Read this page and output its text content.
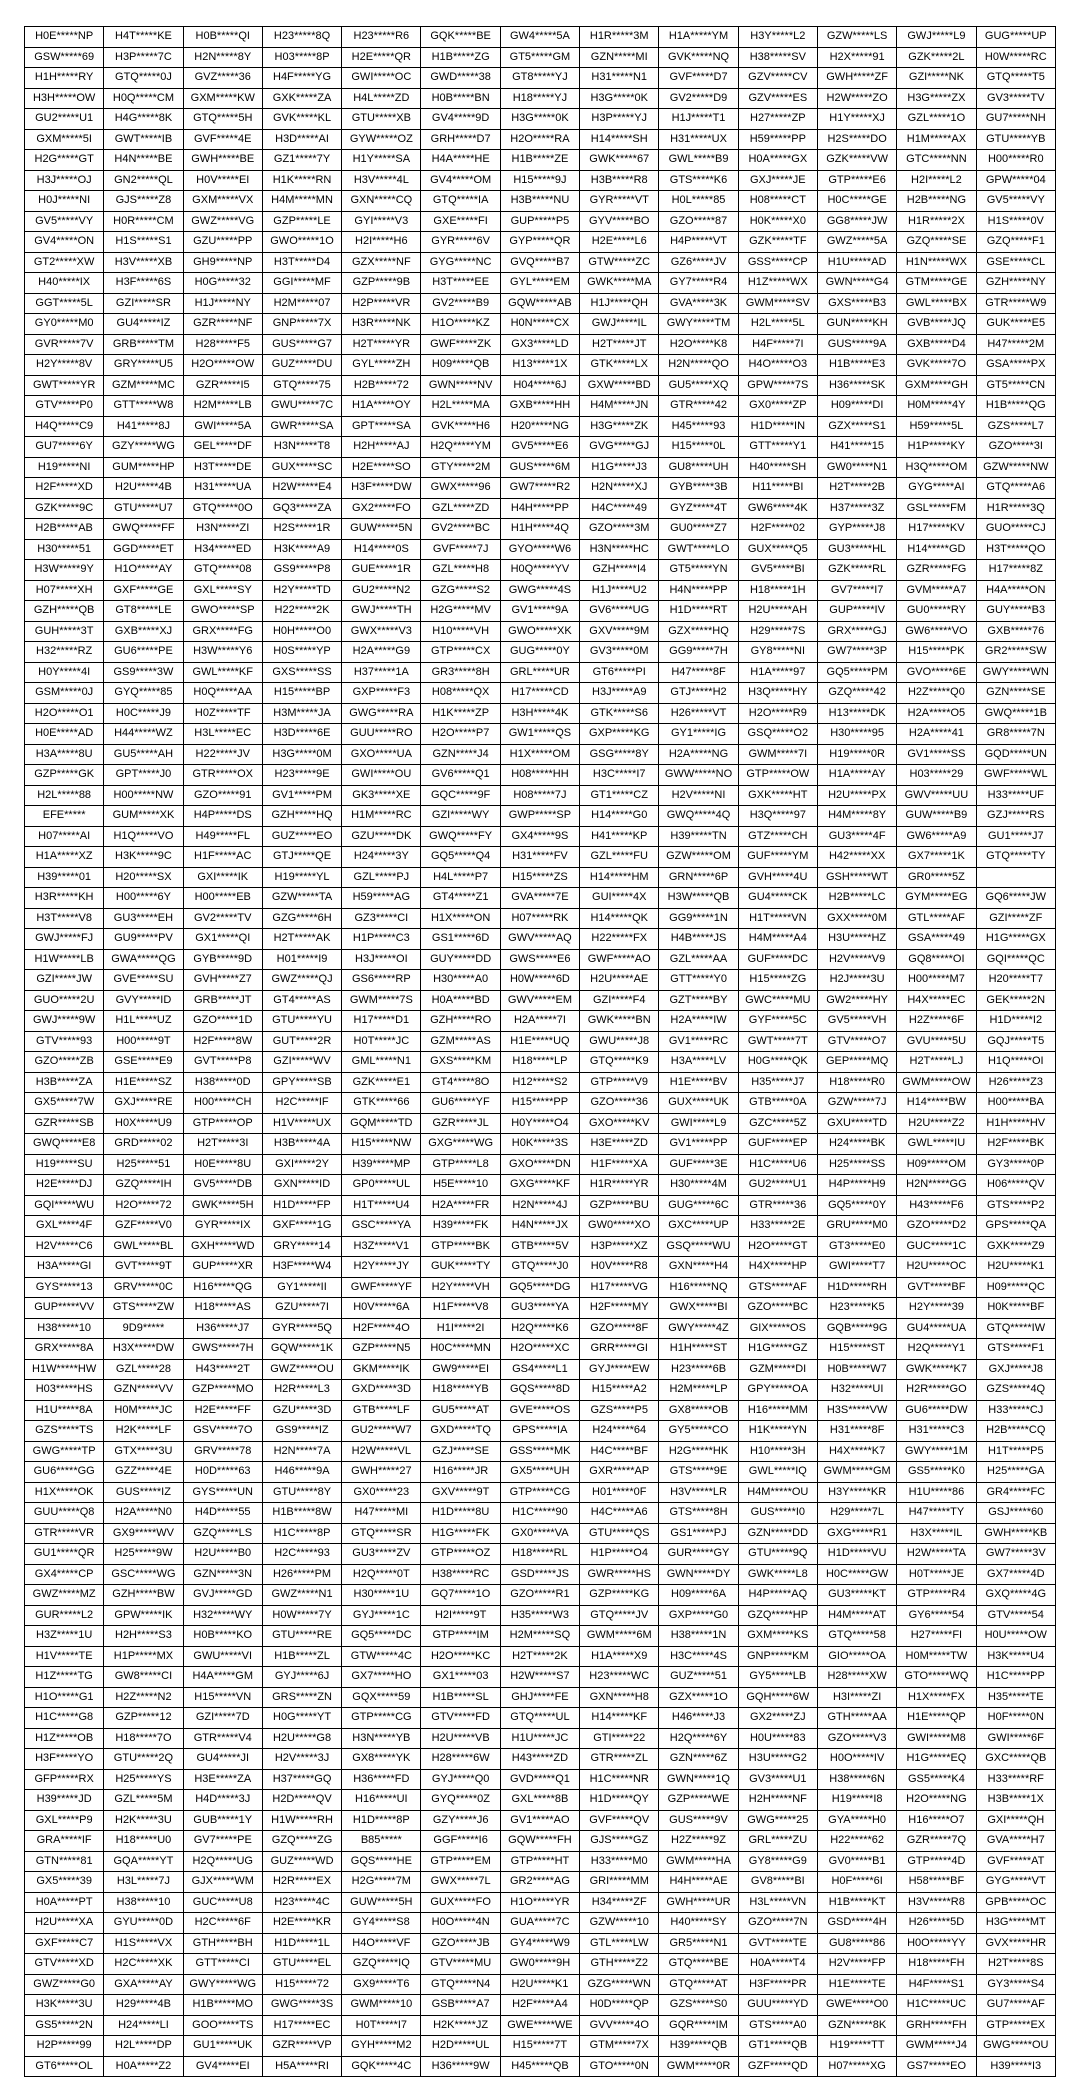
H0E*****NP	H4T*****KE	H0B*****QI	H23*****8Q	H23*****R6	GQK*****BE	GW4*****5A	H1R*****3M	H1A*****YM	H3Y*****L2	GZW*****LS	GWJ*****L9	GUG*****UP
GSW*****69	H3P*****7C	H2N*****8Y	H03*****8P	H2E*****QR	H1B*****ZG	GT5*****GM	GZN*****MI	GVK*****NQ	H38*****SV	H2X*****91	GZK*****2L	H0W*****RC
H1H*****RY	GTQ*****0J	GVZ*****36	H4F*****YG	GWI*****OC	GWD*****38	GT8*****YJ	H31*****N1	GVF*****D7	GZV*****CV	GWH*****ZF	GZI*****NK	GTQ*****T5
H3H*****OW	H0Q*****CM	GXM*****KW	GXK*****ZA	H4L*****ZD	H0B*****BN	H18*****YJ	H3G*****0K	GV2*****D9	GZV*****ES	H2W*****ZO	H3G*****ZX	GV3*****TV
GU2*****U1	H4G*****8K	GTQ*****5H	GVK*****KL	GTU*****XB	GV4*****9D	H3G*****0K	H3P*****YJ	H1J*****T1	H27*****ZP	H1Y*****XJ	GZL*****1O	GU7*****NH
GXM*****5I	GWT*****IB	GVF*****4E	H3D*****AI	GYW*****OZ	GRH*****D7	H2O*****RA	H14*****SH	H31*****UX	H59*****PP	H2S*****DO	H1M*****AX	GTU*****YB
H2G*****GT	H4N*****BE	GWH*****BE	GZ1*****7Y	H1Y*****SA	H4A*****HE	H1B*****ZE	GWK*****67	GWL*****B9	H0A*****GX	GZK*****VW	GTC*****NN	H00*****R0
H3J*****OJ	GN2*****QL	H0V*****EI	H1K*****RN	H3V*****4L	GV4*****OM	H15*****9J	H3B*****R8	GTS*****K6	GXJ*****JE	GTP*****E6	H2I*****L2	GPW*****04
H0J*****NI	GJS*****Z8	GXM*****VX	H4M*****MN	GXN*****CQ	GTQ*****IA	H3B*****NU	GYR*****VT	H0L*****85	H08*****CT	H0C*****GE	H2B*****NG	GV5*****VY
GV5*****VY	H0R*****CM	GWZ*****VG	GZP*****LE	GYI*****V3	GXE*****FI	GUP*****P5	GYV*****BO	GZO*****87	H0K*****X0	GG8*****JW	H1R*****2X	H1S*****0V
GV4*****ON	H1S*****S1	GZU*****PP	GWO*****1O	H2I*****H6	GYR*****6V	GYP*****QR	H2E*****L6	H4P*****VT	GZK*****TF	GWZ*****5A	GZQ*****SE	GZQ*****F1
GT2*****XW	H3V*****XB	GH9*****NP	H3T*****D4	GZX*****NF	GYG*****NC	GVQ*****B7	GTW*****ZC	GZ6*****JV	GSS*****CP	H1U*****AD	H1N*****WX	GSE*****CL
H40*****IX	H3F*****6S	H0G*****32	GGI*****MF	GZP*****9B	H3T*****EE	GYL*****EM	GWK*****MA	GY7*****R4	H1Z*****WX	GWN*****G4	GTM*****GE	GZH*****NY
GGT*****5L	GZI*****SR	H1J*****NY	H2M*****07	H2P*****VR	GV2*****B9	GQW*****AB	H1J*****QH	GVA*****3K	GWM*****SV	GXS*****B3	GWL*****BX	GTR*****W9
GY0*****M0	GU4*****IZ	GZR*****NF	GNP*****7X	H3R*****NK	H1O*****KZ	H0N*****CX	GWJ*****IL	GWY*****TM	H2L*****5L	GUN*****KH	GVB*****JQ	GUK*****E5
GVR*****7V	GRB*****TM	H28*****F5	GUS*****G7	H2T*****YR	GWF*****ZK	GX3*****LD	H2T*****JT	H2O*****K8	H4F*****7I	GUS*****9A	GXB*****D4	H47*****2M
H2Y*****8V	GRY*****U5	H2O*****OW	GUZ*****DU	GYL*****ZH	H09*****QB	H13*****1X	GTK*****LX	H2N*****QO	H4O*****O3	H1B*****E3	GVK*****7O	GSA*****PX
GWT*****YR	GZM*****MC	GZR*****I5	GTQ*****75	H2B*****72	GWN*****NV	H04*****6J	GXW*****BD	GU5*****XQ	GPW*****7S	H36*****SK	GXM*****GH	GT5*****CN
GTV*****P0	GTT*****W8	H2M*****LB	GWU*****7C	H1A*****OY	H2L*****MA	GXB*****HH	H4M*****JN	GTR*****42	GX0*****ZP	H09*****DI	H0M*****4Y	H1B*****QG
H4Q*****C9	H41*****8J	GWI*****5A	GWR*****SA	GPT*****SA	GVK*****H6	H20*****NG	H3G*****ZK	H45*****93	H1D*****IN	GZX*****S1	H59*****5L	GZS*****L7
GU7*****6Y	GZY*****WG	GEL*****DF	H3N*****T8	H2H*****AJ	H2Q*****YM	GV5*****E6	GVG*****GJ	H15*****0L	GTT*****Y1	H41*****15	H1P*****KY	GZO*****3I
H19*****NI	GUM*****HP	H3T*****DE	GUX*****SC	H2E*****SO	GTY*****2M	GUS*****6M	H1G*****J3	GU8*****UH	H40*****SH	GW0*****N1	H3Q*****OM	GZW*****NW
H2F*****XD	H2U*****4B	H31*****UA	H2W*****E4	H3F*****DW	GWX*****96	GW7*****R2	H2N*****XJ	GYB*****3B	H11*****BI	H2T*****2B	GYG*****AI	GTQ*****A6
GZK*****9C	GTU*****U7	GTQ*****0O	GQ3*****ZA	GX2*****FO	GZL*****ZD	H4H*****PP	H4C*****49	GYZ*****4T	GW6*****4K	H37*****3Z	GSL*****FM	H1R*****3Q
H2B*****AB	GWQ*****FF	H3N*****ZI	H2S*****1R	GUW*****5N	GV2*****BC	H1H*****4Q	GZO*****3M	GU0*****Z7	H2F*****02	GYP*****J8	H17*****KV	GUO*****CJ
H30*****51	GGD*****ET	H34*****ED	H3K*****A9	H14*****0S	GVF*****7J	GYO*****W6	H3N*****HC	GWT*****LO	GUX*****Q5	GU3*****HL	H14*****GD	H3T*****QO
H3W*****9Y	H1O*****AY	GTQ*****08	GS9*****P8	GUE*****1R	GZL*****H8	H0Q*****YV	GZH*****I4	GT5*****YN	GV5*****BI	GZK*****RL	GZR*****FG	H17*****8Z
H07*****XH	GXF*****GE	GXL*****SY	H2Y*****TD	GU2*****N2	GZG*****S2	GWG*****4S	H1J*****U2	H4N*****PP	H18*****1H	GV7*****I7	GVM*****A7	H4A*****ON
GZH*****QB	GT8*****LE	GWO*****SP	H22*****2K	GWJ*****TH	H2G*****MV	GV1*****9A	GV6*****UG	H1D*****RT	H2U*****AH	GUP*****IV	GU0*****RY	GUY*****B3
GUH*****3T	GXB*****XJ	GRX*****FG	H0H*****O0	GWX*****V3	H10*****VH	GWO*****XK	GXV*****9M	GZX*****HQ	H29*****7S	GRX*****GJ	GW6*****VO	GXB*****76
H32*****RZ	GU6*****PE	H3W*****Y6	H0S*****YP	H2A*****G9	GTP*****CX	GUG*****0Y	GV3*****0M	GG9*****7H	GY8*****NI	GW7*****3P	H15*****PK	GR2*****SW
H0Y*****4I	GS9*****3W	GWL*****KF	GXS*****SS	H37*****1A	GR3*****8H	GRL*****UR	GT6*****PI	H47*****8F	H1A*****97	GQ5*****PM	GVO*****6E	GWY*****WN
GSM*****0J	GYQ*****85	H0Q*****AA	H15*****BP	GXP*****F3	H08*****QX	H17*****CD	H3J*****A9	GTJ*****H2	H3Q*****HY	GZQ*****42	H2Z*****Q0	GZN*****SE
H2O*****O1	H0C*****J9	H0Z*****TF	H3M*****JA	GWG*****RA	H1K*****ZP	H3H*****4K	GTK*****S6	H26*****VT	H2O*****R9	H13*****DK	H2A*****O5	GWQ*****1B
H0E*****AD	H44*****WZ	H3L*****EC	H3D*****6E	GUU*****RO	H2O*****P7	GW1*****QS	GXP*****KG	GY1*****IG	GSQ*****O2	H30*****95	H2A*****41	GR8*****7N
H3A*****8U	GU5*****AH	H22*****JV	H3G*****0M	GXO*****UA	GZN*****J4	H1X*****OM	GSG*****8Y	H2A*****NG	GWM*****7I	H19*****0R	GV1*****SS	GQD*****UN
GZP*****GK	GPT*****J0	GTR*****OX	H23*****9E	GWI*****OU	GV6*****Q1	H08*****HH	H3C*****I7	GWW*****NO	GTP*****OW	H1A*****AY	H03*****29	GWF*****WL
H2L*****88	H00*****NW	GZO*****91	GV1*****PM	GK3*****XE	GQC*****9F	H08*****7J	GT1*****CZ	H2V*****NI	GXK*****HT	H2U*****PX	GWV*****UU	H33*****UF
EFE*****	GUM*****XK	H4P*****DS	GZH*****HQ	H1M*****RC	GZI*****WY	GWP*****SP	H14*****G0	GWQ*****4Q	H3Q*****97	H4M*****8Y	GUW*****B9	GZJ*****RS
H07*****AI	H1Q*****VO	H49*****FL	GUZ*****EO	GZU*****DK	GWQ*****FY	GX4*****9S	H41*****KP	H39*****TN	GTZ*****CH	GU3*****4F	GW6*****A9	GU1*****J7
H1A*****XZ	H3K*****9C	H1F*****AC	GTJ*****QE	H24*****3Y	GQ5*****Q4	H31*****FV	GZL*****FU	GZW*****OM	GUF*****YM	H42*****XX	GX7*****1K	GTQ*****TY
H39*****01	H20*****SX	GXI*****IK	H19*****YL	GZL*****PJ	H4L*****P7	H15*****ZS	H14*****HM	GRN*****6P	GVH*****4U	GSH*****WT	GR0*****5Z	
H3R*****KH	H00*****6Y	H00*****EB	GZW*****TA	H59*****AG	GT4*****Z1	GVA*****7E	GUI*****4X	H3W*****QB	GU4*****CK	H2B*****LC	GYM*****EG	GQ6*****JW
H3T*****V8	GU3*****EH	GV2*****TV	GZG*****6H	GZ3*****CI	H1X*****ON	H07*****RK	H14*****QK	GG9*****1N	H1T*****VN	GXX*****0M	GTL*****AF	GZI*****ZF
GWJ*****FJ	GU9*****PV	GX1*****QI	H2T*****AK	H1P*****C3	GS1*****6D	GWV*****AQ	H22*****FX	H4B*****JS	H4M*****A4	H3U*****HZ	GSA*****49	H1G*****GX
H1W*****LB	GWA*****QG	GYB*****9D	H01*****I9	H3J*****OI	GUY*****DD	GWS*****E6	GWF*****AO	GZL*****AA	GUF*****DC	H2V*****V9	GQ8*****OI	GQI*****QC
GZI*****JW	GVE*****SU	GVH*****Z7	GWZ*****QJ	GS6*****RP	H30*****A0	H0W*****6D	H2U*****AE	GTT*****Y0	H15*****ZG	H2J*****3U	H00*****M7	H20*****T7
GUO*****2U	GVY*****ID	GRB*****JT	GT4*****AS	GWM*****7S	H0A*****BD	GWV*****EM	GZI*****F4	GZT*****BY	GWC*****MU	GW2*****HY	H4X*****EC	GEK*****2N
GWJ*****9W	H1L*****UZ	GZO*****1D	GTU*****YU	H17*****D1	GZH*****RO	H2A*****7I	GWK*****BN	H2A*****IW	GYF*****5C	GV5*****VH	H2Z*****6F	H1D*****I2
GTV*****93	H00*****9T	H2F*****8W	GUT*****2R	H0T*****JC	GZM*****AS	H1E*****UQ	GWU*****J8	GV1*****RC	GWT*****7T	GTV*****O7	GVU*****5U	GQJ*****T5
GZO*****ZB	GSE*****E9	GVT*****P8	GZI*****WV	GML*****N1	GXS*****KM	H18*****LP	GTQ*****K9	H3A*****LV	H0G*****QK	GEP*****MQ	H2T*****LJ	H1Q*****OI
H3B*****ZA	H1E*****SZ	H38*****0D	GPY*****SB	GZK*****E1	GT4*****8O	H12*****S2	GTP*****V9	H1E*****BV	H35*****J7	H18*****R0	GWM*****OW	H26*****Z3
GX5*****7W	GXJ*****RE	H00*****CH	H2C*****IF	GTK*****66	GU6*****YF	H15*****PP	GZO*****36	GUX*****UK	GTB*****0A	GZW*****7J	H14*****BW	H00*****BA
GZR*****SB	H0X*****U9	GTP*****OP	H1V*****UX	GQM*****TD	GZR*****JL	H0Y*****O4	GXO*****KV	GWI*****L9	GZC*****5Z	GXU*****TD	H2U*****Z2	H1H*****HV
GWQ*****E8	GRD*****02	H2T*****3I	H3B*****4A	H15*****NW	GXG*****WG	H0K*****3S	H3E*****ZD	GV1*****PP	GUF*****EP	H24*****BK	GWL*****IU	H2F*****BK
H19*****SU	H25*****51	H0E*****8U	GXI*****2Y	H39*****MP	GTP*****L8	GXO*****DN	H1F*****XA	GUF*****3E	H1C*****U6	H25*****SS	H09*****OM	GY3*****0P
H2E*****DJ	GZQ*****IH	GV5*****DB	GXN*****ID	GP0*****UL	H5E*****10	GXG*****KF	H1R*****YR	H30*****4M	GU2*****U1	H4P*****H9	H2N*****GG	H06*****QV
GQI*****WU	H2O*****72	GWK*****5H	H1D*****FP	H1T*****U4	H2A*****FR	H2N*****4J	GZP*****BU	GUG*****6C	GTR*****36	GQ5*****0Y	H43*****F6	GTS*****P2
GXL*****4F	GZF*****V0	GYR*****IX	GXF*****1G	GSC*****YA	H39*****FK	H4N*****JX	GW0*****XO	GXC*****UP	H33*****2E	GRU*****M0	GZO*****D2	GPS*****QA
H2V*****C6	GWL*****BL	GXH*****WD	GRY*****14	H3Z*****V1	GTP*****BK	GTB*****5V	H3P*****XZ	GSQ*****WU	H2O*****GT	GT3*****E0	GUC*****1C	GXK*****Z9
H3A*****GI	GVT*****9T	GUP*****XR	H3F*****W4	H2Y*****JY	GUK*****TY	GTQ*****J0	H0V*****R8	GXN*****H4	H4X*****HP	GWI*****T7	H2U*****OC	H2U*****K1
GYS*****13	GRV*****0C	H16*****QG	GY1*****II	GWF*****YF	H2Y*****VH	GQ5*****DG	H17*****VG	H16*****NQ	GTS*****AF	H1D*****RH	GVT*****BF	H09*****QC
GUP*****VV	GTS*****ZW	H18*****AS	GZU*****7I	H0V*****6A	H1F*****V8	GU3*****YA	H2F*****MY	GWX*****BI	GZO*****BC	H23*****K5	H2Y*****39	H0K*****BF
H38*****10	9D9*****	H36*****J7	GYR*****5Q	H2F*****4O	H1I*****2I	H2Q*****K6	GZO*****8F	GWY*****4Z	GIX*****OS	GQB*****9G	GU4*****UA	GTQ*****IW
GRX*****8A	H3X*****DW	GWS*****7H	GQW*****1K	GZP*****N5	H0C*****MN	H2O*****XC	GRR*****GI	H1H*****ST	H1G*****GZ	H15*****ST	H2Q*****Y1	GTS*****F1
H1W*****HW	GZL*****28	H43*****2T	GWZ*****OU	GKM*****IK	GW9*****EI	GS4*****L1	GYJ*****EW	H23*****6B	GZM*****DI	H0B*****W7	GWK*****K7	GXJ*****J8
H03*****HS	GZN*****VV	GZP*****MO	H2R*****L3	GXD*****3D	H18*****YB	GQS*****8D	H15*****A2	H2M*****LP	GPY*****OA	H32*****UI	H2R*****GO	GZS*****4Q
H1U*****8A	H0M*****JC	H2E*****FF	GZU*****3D	GTB*****LF	GU5*****AT	GVE*****OS	GZS*****P5	GX8*****OB	H16*****MM	H3S*****VW	GU6*****DW	H33*****CJ
GZS*****TS	H2K*****LF	GSV*****7O	GS9*****IZ	GU2*****W7	GXD*****TQ	GPS*****IA	H24*****64	GY5*****CO	H1K*****YN	H31*****8F	H31*****C3	H2B*****CQ
GWG*****TP	GTX*****3U	GRV*****78	H2N*****7A	H2W*****VL	GZJ*****SE	GSS*****MK	H4C*****BF	H2G*****HK	H10*****3H	H4X*****K7	GWY*****1M	H1T*****P5
GU6*****GG	GZZ*****4E	H0D*****63	H46*****9A	GWH*****27	H16*****JR	GX5*****UH	GXR*****AP	GTS*****9E	GWL*****IQ	GWM*****GM	GS5*****K0	H25*****GA
H1X*****OK	GUS*****IZ	GYS*****UN	GTU*****8Y	GX0*****23	GXV*****9T	GTP*****CG	H01*****0F	H3V*****LR	H4M*****OU	H3Y*****KR	H1U*****86	GR4*****FC
GUU*****Q8	H2A*****N0	H4D*****55	H1B*****8W	H47*****MI	H1D*****8U	H1C*****90	H4C*****A6	GTS*****8H	GUS*****I0	H29*****7L	H47*****TY	GSJ*****60
GTR*****VR	GX9*****WV	GZQ*****LS	H1C*****8P	GTQ*****SR	H1G*****FK	GX0*****VA	GTU*****QS	GS1*****PJ	GZN*****DD	GXG*****R1	H3X*****IL	GWH*****KB
GU1*****QR	H25*****9W	H2U*****B0	H2C*****93	GU3*****ZV	GTP*****OZ	H18*****RL	H1P*****O4	GUR*****GY	GTU*****9Q	H1D*****VU	H2W*****TA	GW7*****3V
GX4*****CP	GSC*****WG	GZN*****3N	H26*****PM	H2Q*****0T	H38*****RC	GSD*****JS	GWR*****HS	GWN*****DY	GWK*****L8	H0C*****GW	H0T*****JE	GX7*****4D
GWZ*****MZ	GZH*****BW	GVJ*****GD	GWZ*****N1	H30*****1U	GQ7*****1O	GZO*****R1	GZP*****KG	H09*****6A	H4P*****AQ	GU3*****KT	GTP*****R4	GXQ*****4G
GUR*****L2	GPW*****IK	H32*****WY	H0W*****7Y	GYJ*****1C	H2I*****9T	H35*****W3	GTQ*****JV	GXP*****G0	GZQ*****HP	H4M*****AT	GY6*****54	GTV*****54
H3Z*****1U	H2H*****S3	H0B*****KO	GTU*****RE	GQ5*****DC	GTP*****IM	H2M*****SQ	GWM*****6M	H38*****1N	GXM*****KS	GTQ*****58	H27*****FI	H0U*****OW
H1V*****TE	H1P*****MX	GWU*****VI	H1B*****ZL	GTW*****4C	H2O*****KC	H2T*****2K	H1A*****X9	H3C*****4S	GNP*****KM	GIO*****OA	H0M*****TW	H3K*****U4
H1Z*****TG	GW8*****CI	H4A*****GM	GYJ*****6J	GX7*****HO	GX1*****03	H2W*****S7	H23*****WC	GUZ*****51	GY5*****LB	H28*****XW	GTO*****WQ	H1C*****PP
H1O*****G1	H2Z*****N2	H15*****VN	GRS*****ZN	GQX*****59	H1B*****SL	GHJ*****FE	GXN*****H8	GZX*****1O	GQH*****6W	H3I*****ZI	H1X*****FX	H35*****TE
H1C*****G8	GZP*****12	GZI*****7D	H0G*****YT	GTP*****CG	GTV*****FD	GTQ*****UL	H14*****KF	H46*****J3	GX2*****ZJ	GTH*****AA	H1E*****QP	H0F*****0N
H1Z*****OB	H18*****7O	GTR*****V4	H2U*****G8	H3N*****YB	H2U*****VB	H1U*****JC	GTI*****22	H2Q*****6Y	H0U*****83	GZO*****V3	GWI*****M8	GWI*****6F
H3F*****YO	GTU*****2Q	GU4*****JI	H2V*****3J	GX8*****YK	H28*****6W	H43*****ZD	GTR*****ZL	GZN*****6Z	H3U*****G2	H0O*****IV	H1G*****EQ	GXC*****QB
GFP*****RX	H25*****YS	H3E*****ZA	H37*****GQ	H36*****FD	GYJ*****Q0	GVD*****Q1	H1C*****NR	GWN*****1Q	GV3*****U1	H38*****6N	GS5*****K4	H33*****RF
H39*****JD	GZL*****5M	H4D*****3J	H2D*****QV	H16*****UI	GYQ*****0Z	GXL*****8B	H1D*****QY	GZP*****WE	H2H*****NF	H19*****I8	H2O*****NG	H3B*****1X
GXL*****P9	H2K*****3U	GUB*****1Y	H1W*****RH	H1D*****8P	GZY*****J6	GV1*****AO	GVF*****QV	GUS*****9V	GWG*****25	GYA*****H0	H16*****O7	GXI*****QH
GRA*****IF	H18*****U0	GV7*****PE	GZQ*****ZG	B85*****	GGF*****I6	GQW*****FH	GJS*****GZ	H2Z*****9Z	GRL*****ZU	H22*****62	GZR*****7Q	GVA*****H7
GTN*****81	GQA*****YT	H2Q*****UG	GUZ*****WD	GQS*****HE	GTP*****EM	GTP*****HT	H33*****M0	GWM*****HA	GY8*****G9	GV0*****B1	GTP*****4D	GVF*****AT
GX5*****39	H3L*****7J	GJX*****WM	H2R*****EX	H2G*****7M	GWX*****7L	GR2*****AG	GRI*****MM	H4H*****AE	GV8*****BI	H0F*****6I	H58*****BF	GYG*****VT
H0A*****PT	H38*****10	GUC*****U8	H23*****4C	GUW*****5H	GUX*****FO	H1O*****YR	H34*****ZF	GWH*****UR	H3L*****VN	H1B*****KT	H3V*****R8	GPB*****OC
H2U*****XA	GYU*****0D	H2C*****6F	H2E*****KR	GY4*****S8	H0O*****4N	GUA*****7C	GZW*****10	H40*****SY	GZO*****7N	GSD*****4H	H26*****5D	H3G*****MT
GXF*****C7	H1S*****VX	GTH*****BH	H1D*****1L	H4O*****VF	GZO*****JB	GY4*****W9	GTL*****LW	GR5*****N1	GVT*****TE	GU8*****86	H0O*****YY	GVX*****HR
GTV*****XD	H2C*****XK	GTT*****CI	GTU*****EL	GZQ*****IQ	GTV*****MU	GW0*****9H	GTH*****Z2	GTQ*****BE	H0A*****T4	H2V*****FP	H18*****FH	H2T*****8S
GWZ*****G0	GXA*****AY	GWY*****WG	H15*****72	GX9*****T6	GTQ*****N4	H2U*****K1	GZG*****WN	GTQ*****AT	H3F*****PR	H1E*****TE	H4F*****S1	GY3*****S4
H3K*****3U	H29*****4B	H1B*****MO	GWG*****3S	GWM*****10	GSB*****A7	H2F*****A4	H0D*****QP	GZS*****S0	GUU*****YD	GWE*****O0	H1C*****UC	GU7*****AF
GS5*****2N	H24*****LI	GOO*****TS	H17*****EC	H0T*****I7	H2K*****JZ	GWE*****WE	GVV*****4O	GQR*****IM	GTS*****A0	GZN*****8K	GRH*****FH	GTP*****EX
H2P*****99	H2L*****DP	GU1*****UK	GZR*****VP	GYH*****M2	H2D*****UL	H15*****7T	GTM*****7X	H39*****QB	GT1*****QB	H19*****TT	GWM*****J4	GWG*****OU
GT6*****OL	H0A*****Z2	GV4*****EI	H5A*****RI	GQK*****4C	H36*****9W	H45*****QB	GTO*****0N	GWM*****0R	GZF*****QD	H07*****XG	GS7*****EO	H39*****I3
